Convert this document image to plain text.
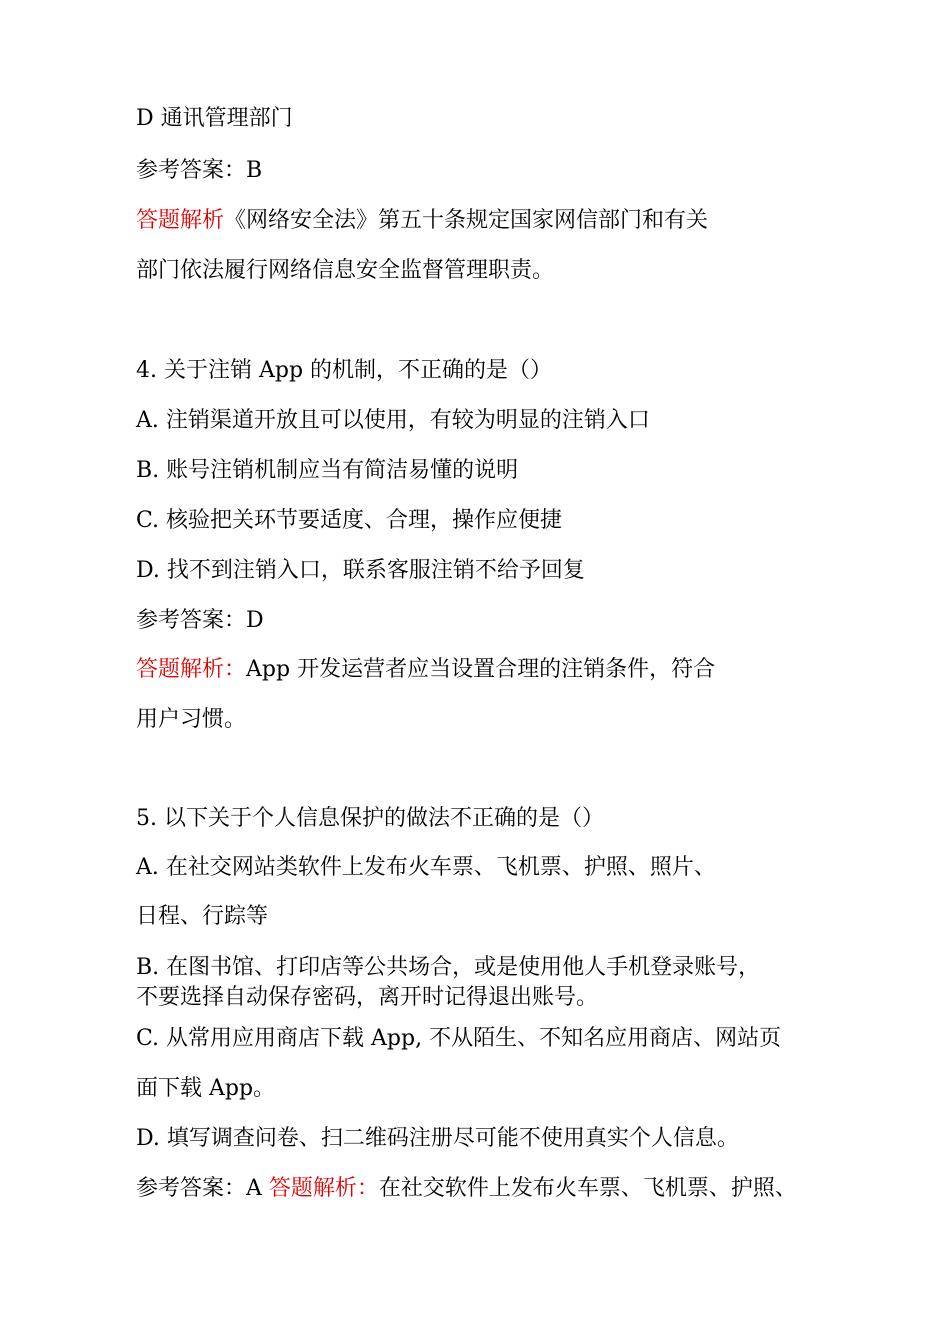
D 通讯管理部门
参考答案：B
答题解析《网络安全法》第五十条规定国家网信部门和有关
部门依法履行网络信息安全监督管理职责。
4. 关于注销 App 的机制，不正确的是（）
A. 注销渠道开放且可以使用，有较为明显的注销入口
B. 账号注销机制应当有简洁易懂的说明
C. 核验把关环节要适度、合理，操作应便捷
D. 找不到注销入口，联系客服注销不给予回复
参考答案：D
答题解析：App 开发运营者应当设置合理的注销条件，符合
用户习惯。
5. 以下关于个人信息保护的做法不正确的是（）
A. 在社交网站类软件上发布火车票、飞机票、护照、照片、
日程、行踪等
B. 在图书馆、打印店等公共场合，或是使用他人手机登录账号，
不要选择自动保存密码，离开时记得退出账号。
C. 从常用应用商店下载 App, 不从陌生、不知名应用商店、网站页
面下载 App。
D. 填写调查问卷、扫二维码注册尽可能不使用真实个人信息。
参考答案：A 答题解析：在社交软件上发布火车票、飞机票、护照、
